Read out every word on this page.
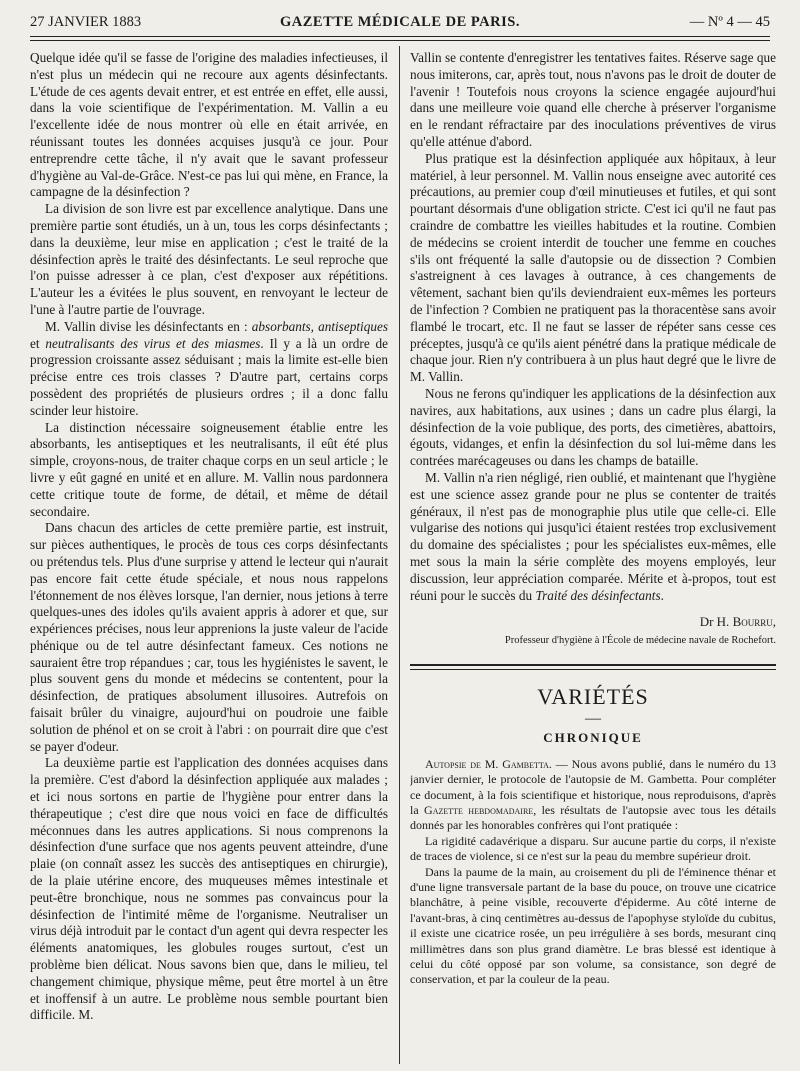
27 JANVIER 1883	GAZETTE MÉDICALE DE PARIS.	— Nº 4 — 45

Quelque idée qu'il se fasse de l'origine des maladies infectieuses, il n'est plus un médecin qui ne recoure aux agents désinfectants. L'étude de ces agents devait entrer, et est entrée en effet, elle aussi, dans la voie scientifique de l'expérimentation. M. Vallin a eu l'excellente idée de nous montrer où elle en était arrivée, en réunissant toutes les données acquises jusqu'à ce jour. Pour entreprendre cette tâche, il n'y avait que le savant professeur d'hygiène au Val-de-Grâce. N'est-ce pas lui qui mène, en France, la campagne de la désinfection ?

La division de son livre est par excellence analytique. Dans une première partie sont étudiés, un à un, tous les corps désinfectants ; dans la deuxième, leur mise en application ; c'est le traité de la désinfection après le traité des désinfectants. Le seul reproche que l'on puisse adresser à ce plan, c'est d'exposer aux répétitions. L'auteur les a évitées le plus souvent, en renvoyant le lecteur de l'une à l'autre partie de l'ouvrage.

M. Vallin divise les désinfectants en : absorbants, antiseptiques et neutralisants des virus et des miasmes. Il y a là un ordre de progression croissante assez séduisant ; mais la limite est-elle bien précise entre ces trois classes ? D'autre part, certains corps possèdent des propriétés de plusieurs ordres ; il a donc fallu scinder leur histoire.

La distinction nécessaire soigneusement établie entre les absorbants, les antiseptiques et les neutralisants, il eût été plus simple, croyons-nous, de traiter chaque corps en un seul article ; le livre y eût gagné en unité et en allure. M. Vallin nous pardonnera cette critique toute de forme, de détail, et même de détail secondaire.

Dans chacun des articles de cette première partie, est instruit, sur pièces authentiques, le procès de tous ces corps désinfectants ou prétendus tels. Plus d'une surprise y attend le lecteur qui n'aurait pas encore fait cette étude spéciale, et nous nous rappelons l'étonnement de nos élèves lorsque, l'an dernier, nous jetions à terre quelques-unes des idoles qu'ils avaient appris à adorer et que, sur expériences précises, nous leur apprenions la juste valeur de l'acide phénique ou de tel autre désinfectant fameux. Ces notions ne sauraient être trop répandues ; car, tous les hygiénistes le savent, le plus souvent gens du monde et médecins se contentent, pour la désinfection, de pratiques absolument illusoires. Autrefois on faisait brûler du vinaigre, aujourd'hui on poudroie une faible solution de phénol et on se croit à l'abri : on pourrait dire que c'est se payer d'odeur.

La deuxième partie est l'application des données acquises dans la première. C'est d'abord la désinfection appliquée aux malades ; et ici nous sortons en partie de l'hygiène pour entrer dans la thérapeutique ; c'est dire que nous voici en face de difficultés méconnues dans les autres applications. Si nous comprenons la désinfection d'une surface que nos agents peuvent atteindre, d'une plaie (on connaît assez les succès des antiseptiques en chirurgie), de la plaie utérine encore, des muqueuses mêmes intestinale et peut-être bronchique, nous ne sommes pas convaincus pour la désinfection de l'intimité même de l'organisme. Neutraliser un virus déjà introduit par le contact d'un agent qui devra respecter les éléments anatomiques, les globules rouges surtout, c'est un problème bien délicat. Nous savons bien que, dans le milieu, tel changement chimique, physique même, peut être mortel à un être et inoffensif à un autre. Le problème nous semble pourtant bien difficile. M.

Vallin se contente d'enregistrer les tentatives faites. Réserve sage que nous imiterons, car, après tout, nous n'avons pas le droit de douter de l'avenir ! Toutefois nous croyons la science engagée aujourd'hui dans une meilleure voie quand elle cherche à préserver l'organisme en le rendant réfractaire par des inoculations préventives de virus qu'elle atténue d'abord.

Plus pratique est la désinfection appliquée aux hôpitaux, à leur matériel, à leur personnel. M. Vallin nous enseigne avec autorité ces précautions, au premier coup d'œil minutieuses et futiles, et qui sont pourtant désormais d'une obligation stricte. C'est ici qu'il ne faut pas craindre de combattre les vieilles habitudes et la routine. Combien de médecins se croient interdit de toucher une femme en couches s'ils ont fréquenté la salle d'autopsie ou de dissection ? Combien s'astreignent à ces lavages à outrance, à ces changements de vêtement, sachant bien qu'ils deviendraient eux-mêmes les porteurs de l'infection ? Combien ne pratiquent pas la thoracentèse sans avoir flambé le trocart, etc. Il ne faut se lasser de répéter sans cesse ces préceptes, jusqu'à ce qu'ils aient pénétré dans la pratique médicale de chaque jour. Rien n'y contribuera à un plus haut degré que le livre de M. Vallin.

Nous ne ferons qu'indiquer les applications de la désinfection aux navires, aux habitations, aux usines ; dans un cadre plus élargi, la désinfection de la voie publique, des ports, des cimetières, abattoirs, égouts, vidanges, et enfin la désinfection du sol lui-même dans les contrées marécageuses ou dans les champs de bataille.

M. Vallin n'a rien négligé, rien oublié, et maintenant que l'hygiène est une science assez grande pour ne plus se contenter de traités généraux, il n'est pas de monographie plus utile que celle-ci. Elle vulgarise des notions qui jusqu'ici étaient restées trop exclusivement du domaine des spécialistes ; pour les spécialistes eux-mêmes, elle met sous la main la série complète des moyens employés, leur discussion, leur appréciation comparée. Mérite et à-propos, tout est réuni pour le succès du Traité des désinfectants.

Dr H. Bourru,
Professeur d'hygiène à l'École de médecine navale de Rochefort.
VARIÉTÉS
—
CHRONIQUE

Autopsie de M. Gambetta. — Nous avons publié, dans le numéro du 13 janvier dernier, le protocole de l'autopsie de M. Gambetta. Pour compléter ce document, à la fois scientifique et historique, nous reproduisons, d'après la Gazette hebdomadaire, les résultats de l'autopsie avec tous les détails donnés par les honorables confrères qui l'ont pratiquée :

La rigidité cadavérique a disparu. Sur aucune partie du corps, il n'existe de traces de violence, si ce n'est sur la peau du membre supérieur droit.

Dans la paume de la main, au croisement du pli de l'éminence thénar et d'une ligne transversale partant de la base du pouce, on trouve une cicatrice blanchâtre, à peine visible, recouverte d'épiderme. Au côté interne de l'avant-bras, à cinq centimètres au-dessus de l'apophyse styloïde du cubitus, il existe une cicatrice rosée, un peu irrégulière à ses bords, mesurant cinq millimètres dans son plus grand diamètre. Le bras blessé est identique à celui du côté opposé par son volume, sa consistance, son degré de conservation, et par la couleur de la peau.
